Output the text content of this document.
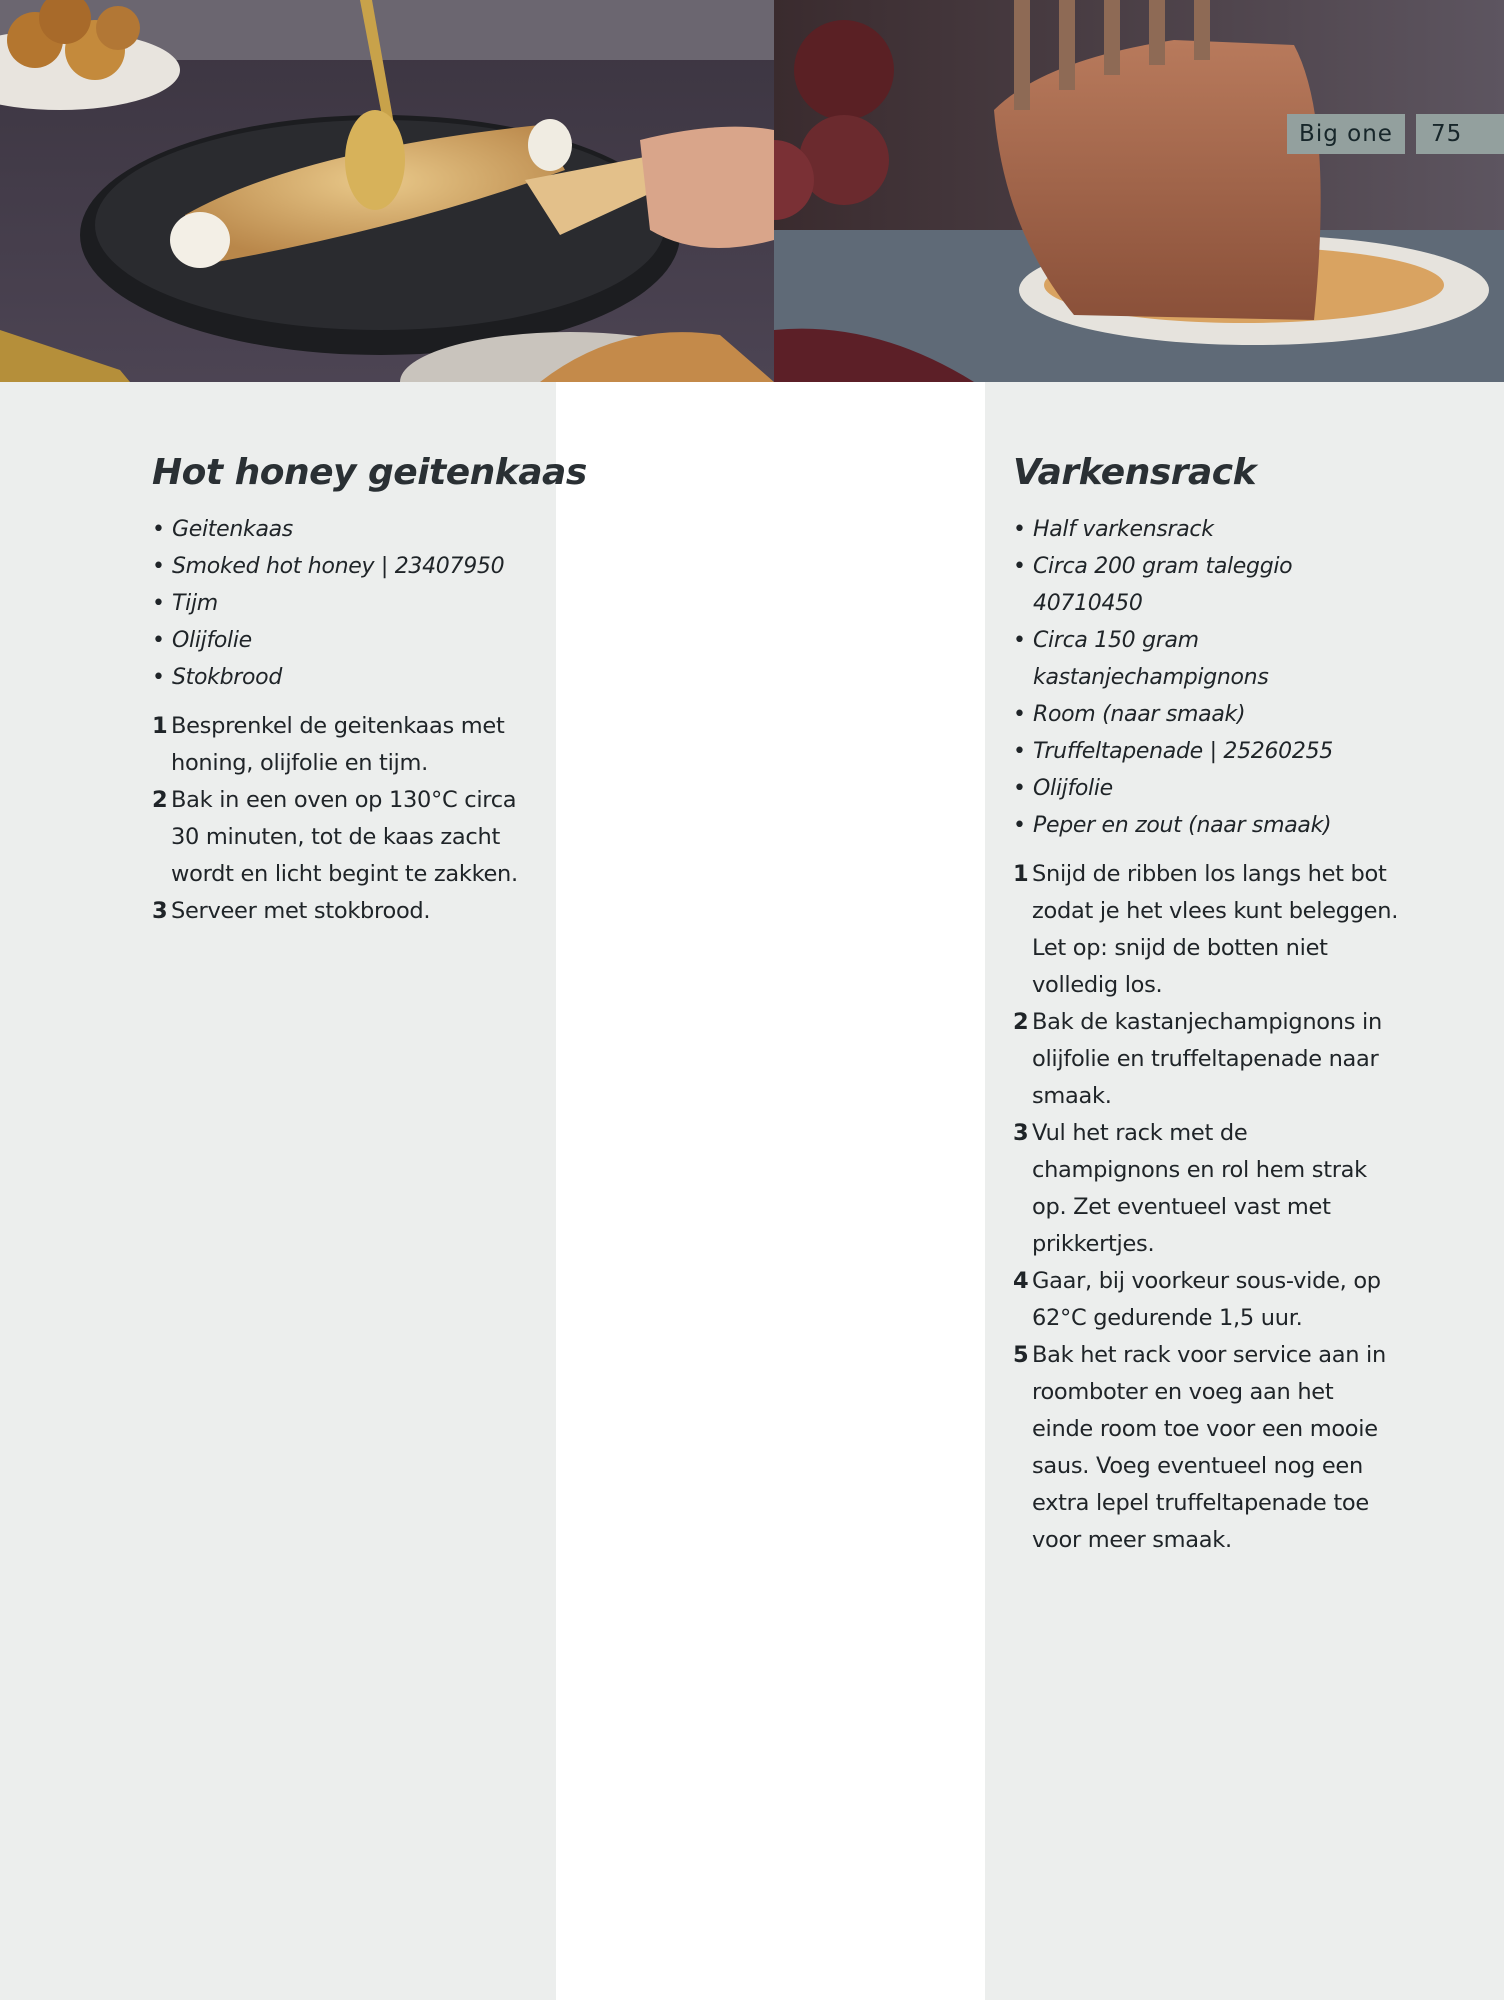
Big one	75
Hot honey geitenkaas
• Geitenkaas
• Smoked hot honey | 23407950
• Tijm
• Olijfolie
• Stokbrood
1 Besprenkel de geitenkaas met
honing, olijfolie en tijm.
2 Bak in een oven op 130°C circa
30 minuten, tot de kaas zacht
wordt en licht begint te zakken.
3 Serveer met stokbrood.
Varkensrack
• Half varkensrack
• Circa 200 gram taleggio
40710450
• Circa 150 gram
kastanjechampignons
• Room (naar smaak)
• Truffeltapenade | 25260255
• Olijfolie
• Peper en zout (naar smaak)
1 Snijd de ribben los langs het bot
zodat je het vlees kunt beleggen.
Let op: snijd de botten niet
volledig los.
2 Bak de kastanjechampignons in
olijfolie en truffeltapenade naar
smaak.
3 Vul het rack met de
champignons en rol hem strak
op. Zet eventueel vast met
prikkertjes.
4 Gaar, bij voorkeur sous-vide, op
62°C gedurende 1,5 uur.
5 Bak het rack voor service aan in
roomboter en voeg aan het
einde room toe voor een mooie
saus. Voeg eventueel nog een
extra lepel truffeltapenade toe
voor meer smaak.
